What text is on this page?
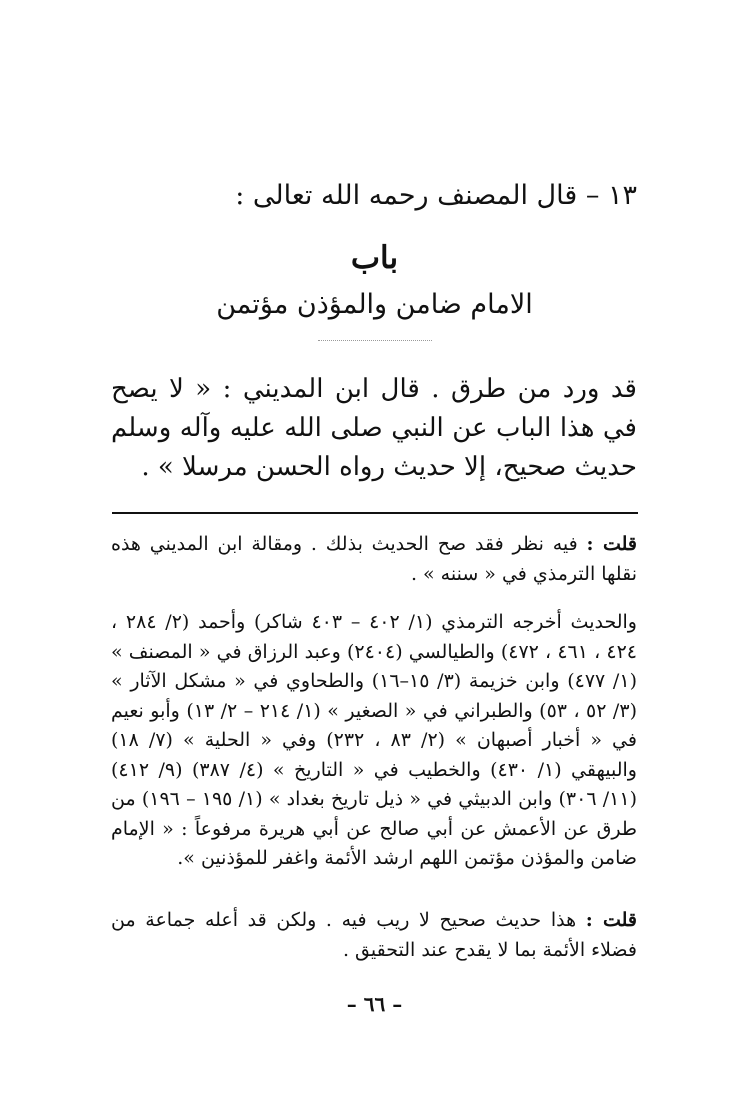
١٣ – قال المصنف رحمه الله تعالى :
باب
الامام ضامن والمؤذن مؤتمن
قد ورد من طرق . قال ابن المديني : « لا يصح في هذا الباب عن النبي صلى الله عليه وآله وسلم حديث صحيح، إلا حديث رواه الحسن مرسلا » .
قلت : فيه نظر فقد صح الحديث بذلك . ومقالة ابن المديني هذه نقلها الترمذي في « سننه » .
والحديث أخرجه الترمذي (١/ ٤٠٢ – ٤٠٣ شاكر) وأحمد (٢/ ٢٨٤ ، ٤٢٤ ، ٤٦١ ، ٤٧٢) والطيالسي (٢٤٠٤) وعبد الرزاق في « المصنف » (١/ ٤٧٧) وابن خزيمة (٣/ ١٥–١٦) والطحاوي في « مشكل الآثار » (٣/ ٥٢ ، ٥٣) والطبراني في « الصغير » (١/ ٢١٤ – ٢/ ١٣) وأبو نعيم في « أخبار أصبهان » (٢/ ٨٣ ، ٢٣٢) وفي « الحلية » (٧/ ١٨) والبيهقي (١/ ٤٣٠) والخطيب في « التاريخ » (٤/ ٣٨٧) (٩/ ٤١٢) (١١/ ٣٠٦) وابن الدبيثي في « ذيل تاريخ بغداد » (١/ ١٩٥ – ١٩٦) من طرق عن الأعمش عن أبي صالح عن أبي هريرة مرفوعاً : « الإمام ضامن والمؤذن مؤتمن اللهم ارشد الأئمة واغفر للمؤذنين ».
قلت : هذا حديث صحيح لا ريب فيه . ولكن قد أعله جماعة من فضلاء الأئمة بما لا يقدح عند التحقيق .
– ٦٦ –
